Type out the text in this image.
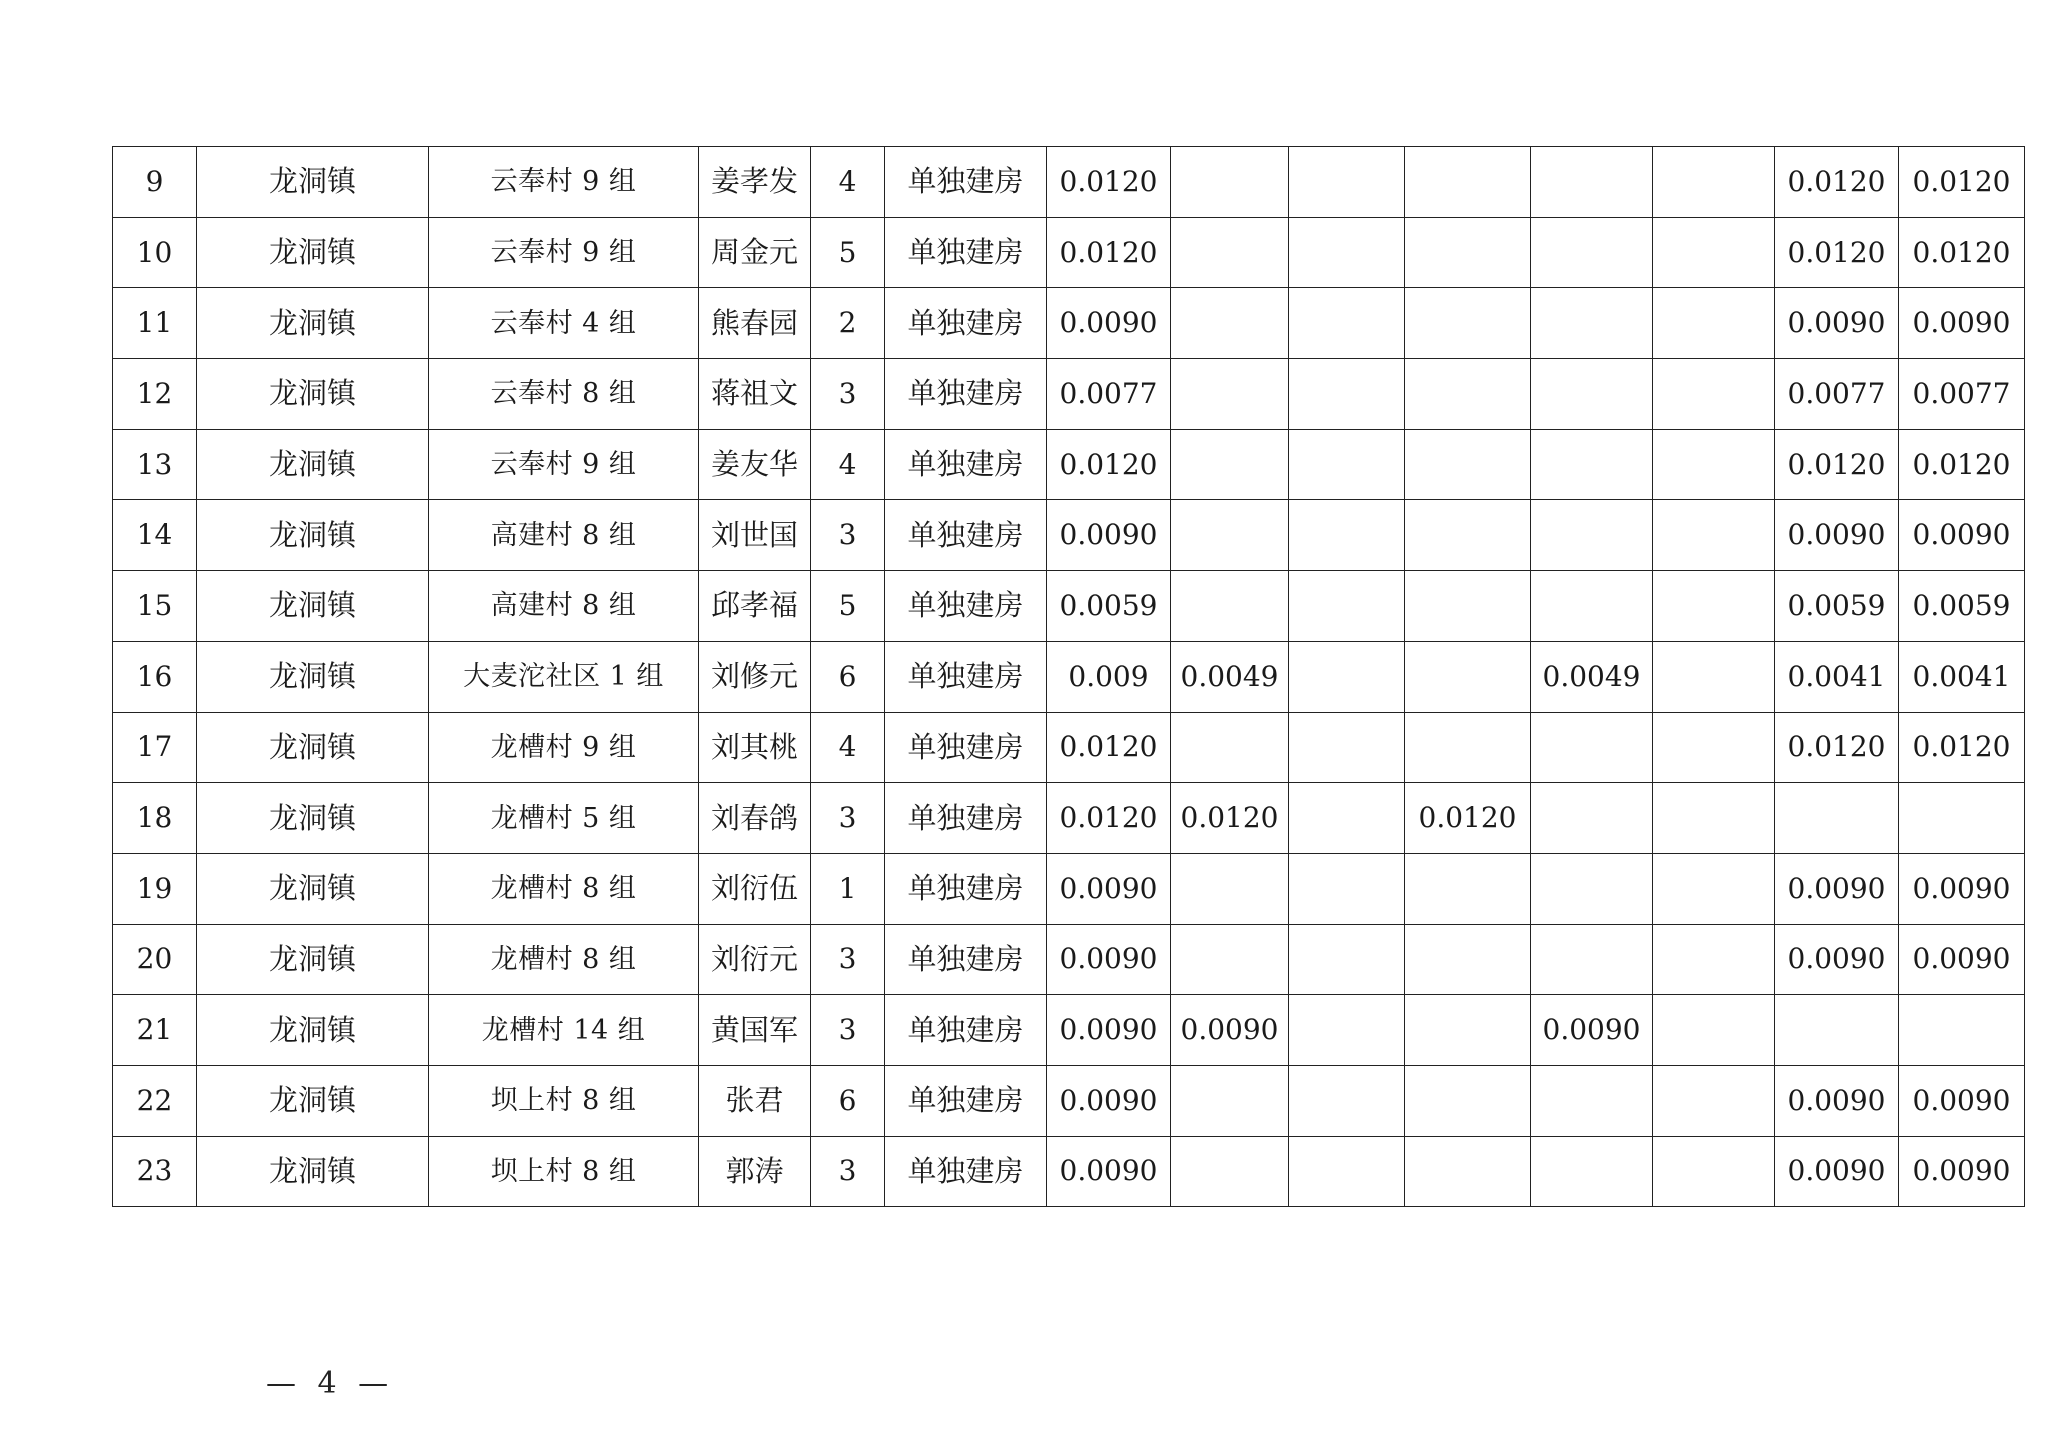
9	龙洞镇	云奉村 9 组	姜孝发	4	单独建房	0.0120						0.0120	0.0120
10	龙洞镇	云奉村 9 组	周金元	5	单独建房	0.0120						0.0120	0.0120
11	龙洞镇	云奉村 4 组	熊春园	2	单独建房	0.0090						0.0090	0.0090
12	龙洞镇	云奉村 8 组	蒋祖文	3	单独建房	0.0077						0.0077	0.0077
13	龙洞镇	云奉村 9 组	姜友华	4	单独建房	0.0120						0.0120	0.0120
14	龙洞镇	高建村 8 组	刘世国	3	单独建房	0.0090						0.0090	0.0090
15	龙洞镇	高建村 8 组	邱孝福	5	单独建房	0.0059						0.0059	0.0059
16	龙洞镇	大麦沱社区 1 组	刘修元	6	单独建房	0.009	0.0049			0.0049		0.0041	0.0041
17	龙洞镇	龙槽村 9 组	刘其桃	4	单独建房	0.0120						0.0120	0.0120
18	龙洞镇	龙槽村 5 组	刘春鸽	3	单独建房	0.0120	0.0120		0.0120				
19	龙洞镇	龙槽村 8 组	刘衍伍	1	单独建房	0.0090						0.0090	0.0090
20	龙洞镇	龙槽村 8 组	刘衍元	3	单独建房	0.0090						0.0090	0.0090
21	龙洞镇	龙槽村 14 组	黄国军	3	单独建房	0.0090	0.0090			0.0090			
22	龙洞镇	坝上村 8 组	张君	6	单独建房	0.0090						0.0090	0.0090
23	龙洞镇	坝上村 8 组	郭涛	3	单独建房	0.0090						0.0090	0.0090
— 4 —
